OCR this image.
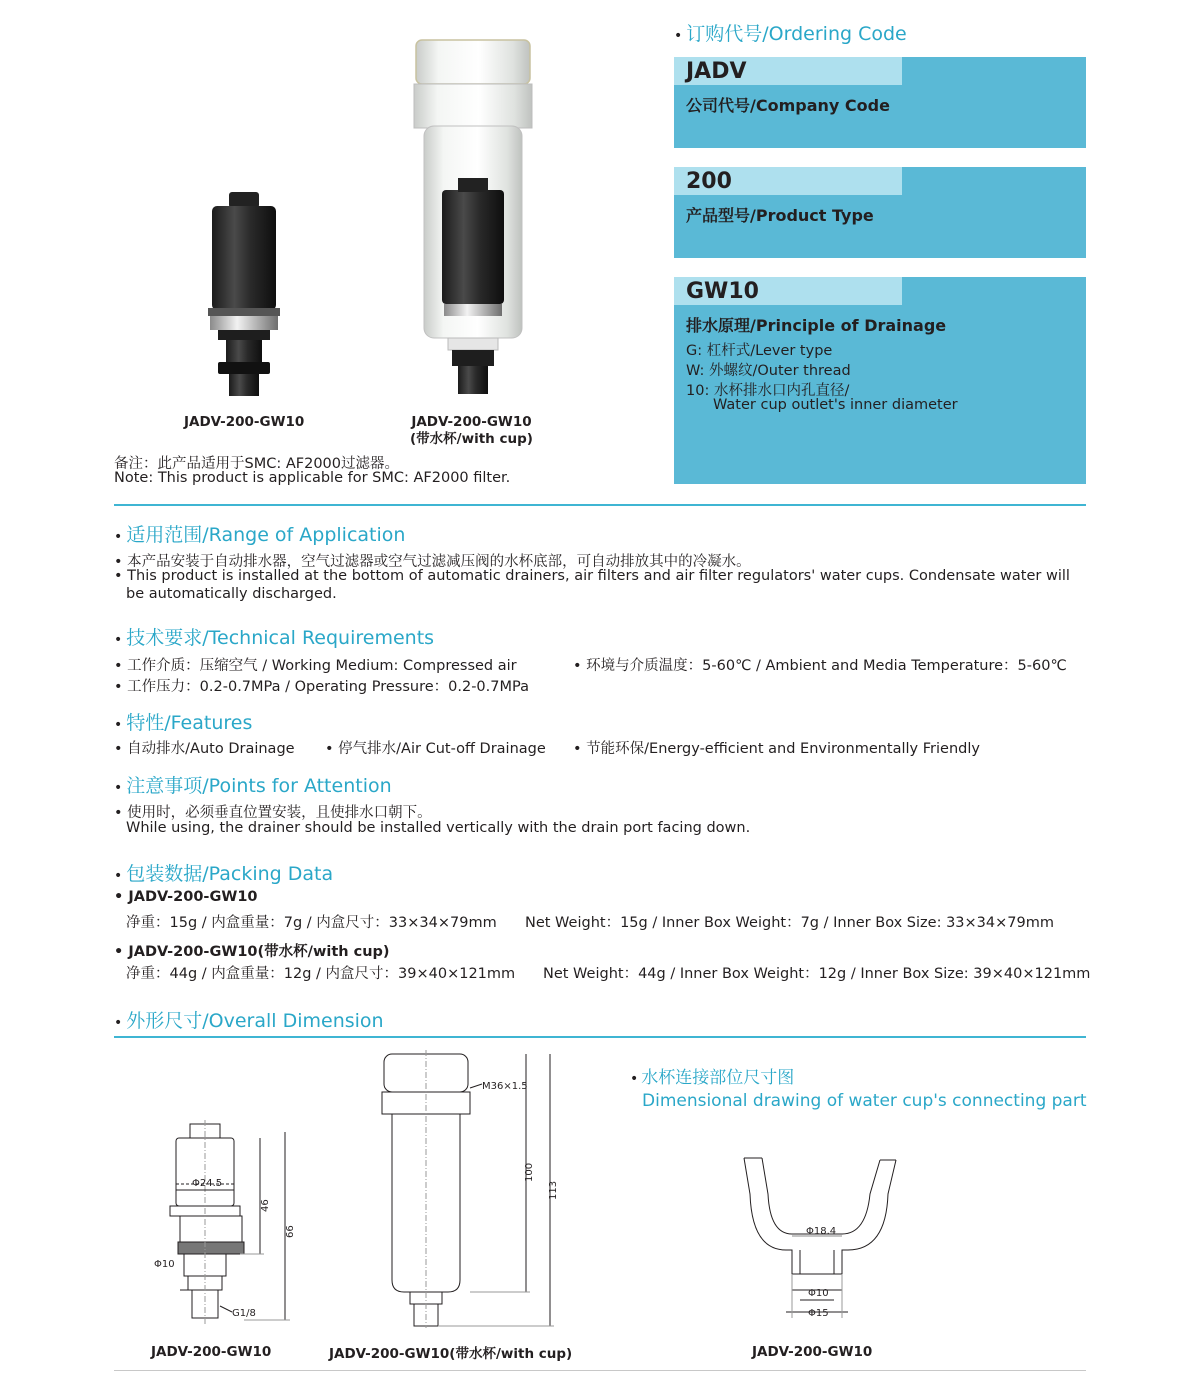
• 订购代号/Ordering Code
JADV
公司代号/Company Code
200
产品型号/Product Type
GW10
排水原理/Principle of Drainage
G: 杠杆式/Lever type
W: 外螺纹/Outer thread
10: 水杯排水口内孔直径/
Water cup outlet's inner diameter
JADV-200-GW10	JADV-200-GW10
(带水杯/with cup)
备注：此产品适用于SMC: AF2000过滤器。
Note: This product is applicable for SMC: AF2000 filter.
• 适用范围/Range of Application
• 本产品安装于自动排水器，空气过滤器或空气过滤减压阀的水杯底部，可自动排放其中的冷凝水。
• This product is installed at the bottom of automatic drainers, air filters and air filter regulators' water cups. Condensate water will
be automatically discharged.
• 技术要求/Technical Requirements
• 工作介质：压缩空气 / Working Medium: Compressed air	• 环境与介质温度：5-60℃ / Ambient and Media Temperature：5-60℃
• 工作压力：0.2-0.7MPa / Operating Pressure：0.2-0.7MPa
• 特性/Features
• 自动排水/Auto Drainage • 停气排水/Air Cut-off Drainage • 节能环保/Energy-efficient and Environmentally Friendly
• 注意事项/Points for Attention
• 使用时，必须垂直位置安装，且使排水口朝下。
While using, the drainer should be installed vertically with the drain port facing down.
• 包装数据/Packing Data
• JADV-200-GW10
净重：15g / 内盒重量：7g / 内盒尺寸：33×34×79mm Net Weight：15g / Inner Box Weight：7g / Inner Box Size: 33×34×79mm
• JADV-200-GW10(带水杯/with cup)
净重：44g / 内盒重量：12g / 内盒尺寸：39×40×121mm Net Weight：44g / Inner Box Weight：12g / Inner Box Size: 39×40×121mm
• 外形尺寸/Overall Dimension
• 水杯连接部位尺寸图
Dimensional drawing of water cup's connecting part
Φ24.5
46
66
Φ10
G1/8
M36×1.5
100
113
Φ18.4
Φ10
Φ15
JADV-200-GW10	JADV-200-GW10(带水杯/with cup)	JADV-200-GW10
